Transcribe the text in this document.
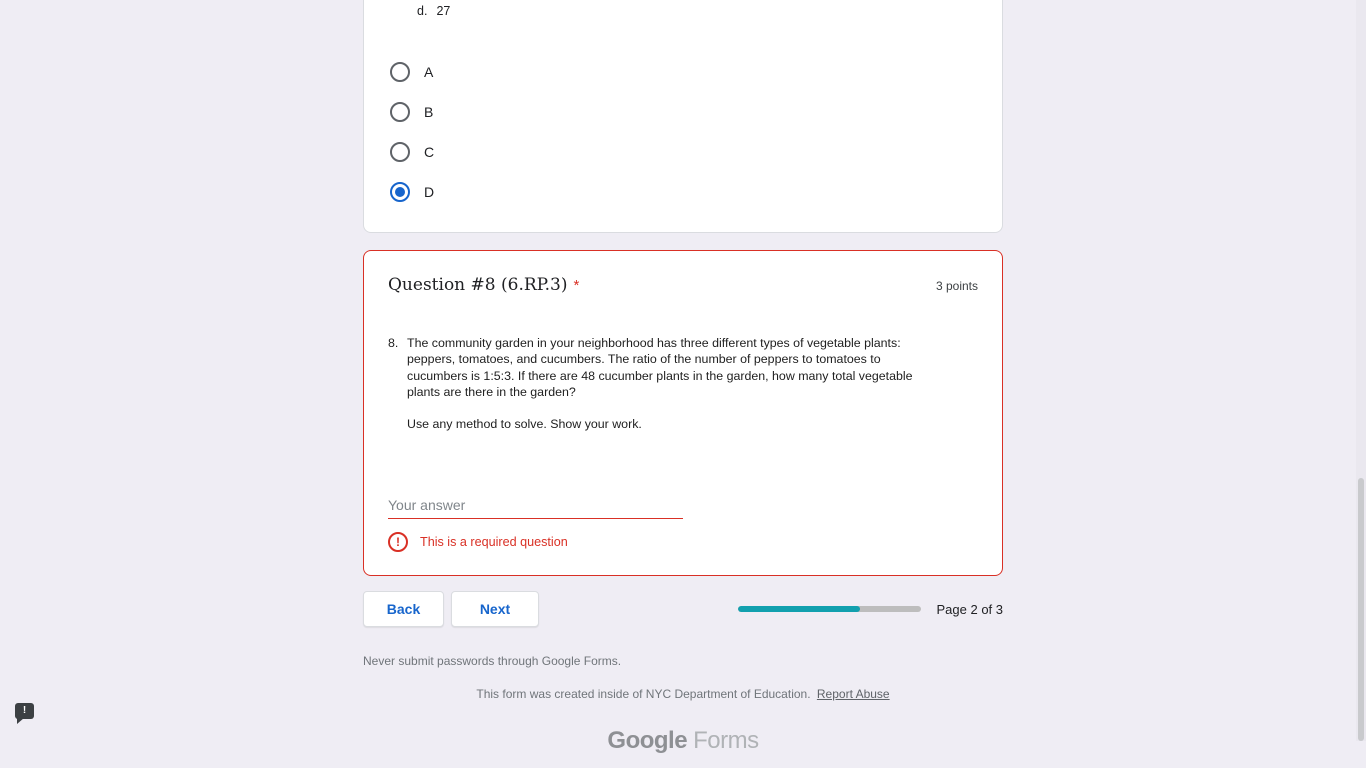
d. 27
A
B
C
D
Question #8 (6.RP.3) *	3 points
8. The community garden in your neighborhood has three different types of vegetable plants: peppers, tomatoes, and cucumbers. The ratio of the number of peppers to tomatoes to cucumbers is 1:5:3. If there are 48 cucumber plants in the garden, how many total vegetable plants are there in the garden?
Use any method to solve. Show your work.
Your answer
!	This is a required question
Back	Next	Page 2 of 3
Never submit passwords through Google Forms.
This form was created inside of NYC Department of Education. Report Abuse
Google Forms
!
